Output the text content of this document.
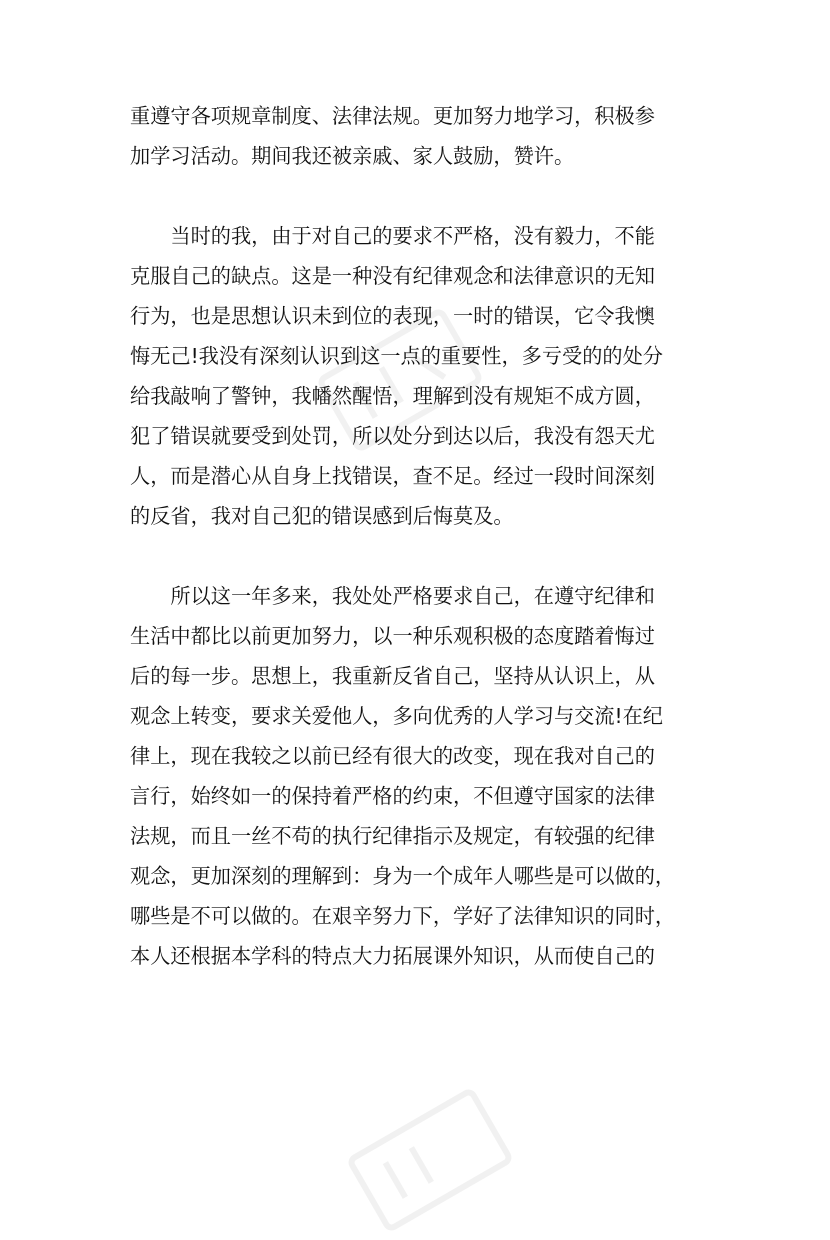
重遵守各项规章制度、法律法规。更加努力地学习，积极参
加学习活动。期间我还被亲戚、家人鼓励，赞许。
当时的我，由于对自己的要求不严格，没有毅力，不能
克服自己的缺点。这是一种没有纪律观念和法律意识的无知
行为，也是思想认识未到位的表现，一时的错误，它令我懊
悔无己!我没有深刻认识到这一点的重要性，多亏受的的处分
给我敲响了警钟，我幡然醒悟，理解到没有规矩不成方圆，
犯了错误就要受到处罚，所以处分到达以后，我没有怨天尤
人，而是潜心从自身上找错误，查不足。经过一段时间深刻
的反省，我对自己犯的错误感到后悔莫及。
所以这一年多来，我处处严格要求自己，在遵守纪律和
生活中都比以前更加努力，以一种乐观积极的态度踏着悔过
后的每一步。思想上，我重新反省自己，坚持从认识上，从
观念上转变，要求关爱他人，多向优秀的人学习与交流!在纪
律上，现在我较之以前已经有很大的改变，现在我对自己的
言行，始终如一的保持着严格的约束，不但遵守国家的法律
法规，而且一丝不苟的执行纪律指示及规定，有较强的纪律
观念，更加深刻的理解到：身为一个成年人哪些是可以做的，
哪些是不可以做的。在艰辛努力下，学好了法律知识的同时，
本人还根据本学科的特点大力拓展课外知识，从而使自己的
